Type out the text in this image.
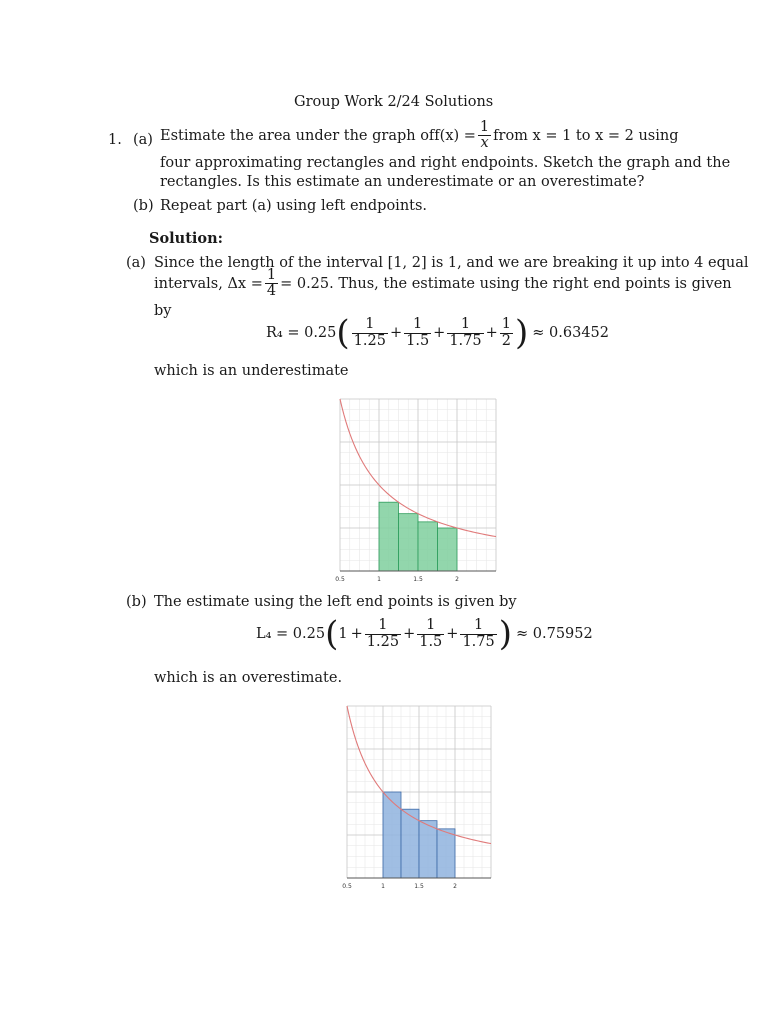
Group Work 2/24 Solutions
1. (a) Estimate the area under the graph of $f(x) = \frac{1}{x}$ from x = 1 to x = 2 using
four approximating rectangles and right endpoints. Sketch the graph and the
rectangles. Is this estimate an underestimate or an overestimate?
(b) Repeat part (a) using left endpoints.
Solution:
(a) Since the length of the interval [1, 2] is 1, and we are breaking it up into 4 equal
intervals, $\Delta x = \frac{1}{4} = 0.25$. Thus, the estimate using the right end points is given
by
R₄ = 0.25 ( $\frac{1}{1.25} + \frac{1}{1.5} + \frac{1}{1.75} + \frac{1}{2}$ ) ≈ 0.63452
which is an underestimate
0.5	1	1.5	2
(b) The estimate using the left end points is given by
L₄ = 0.25 ( $1 + \frac{1}{1.25} + \frac{1}{1.5} + \frac{1}{1.75}$ ) ≈ 0.75952
which is an overestimate.
0.5	1	1.5	2
